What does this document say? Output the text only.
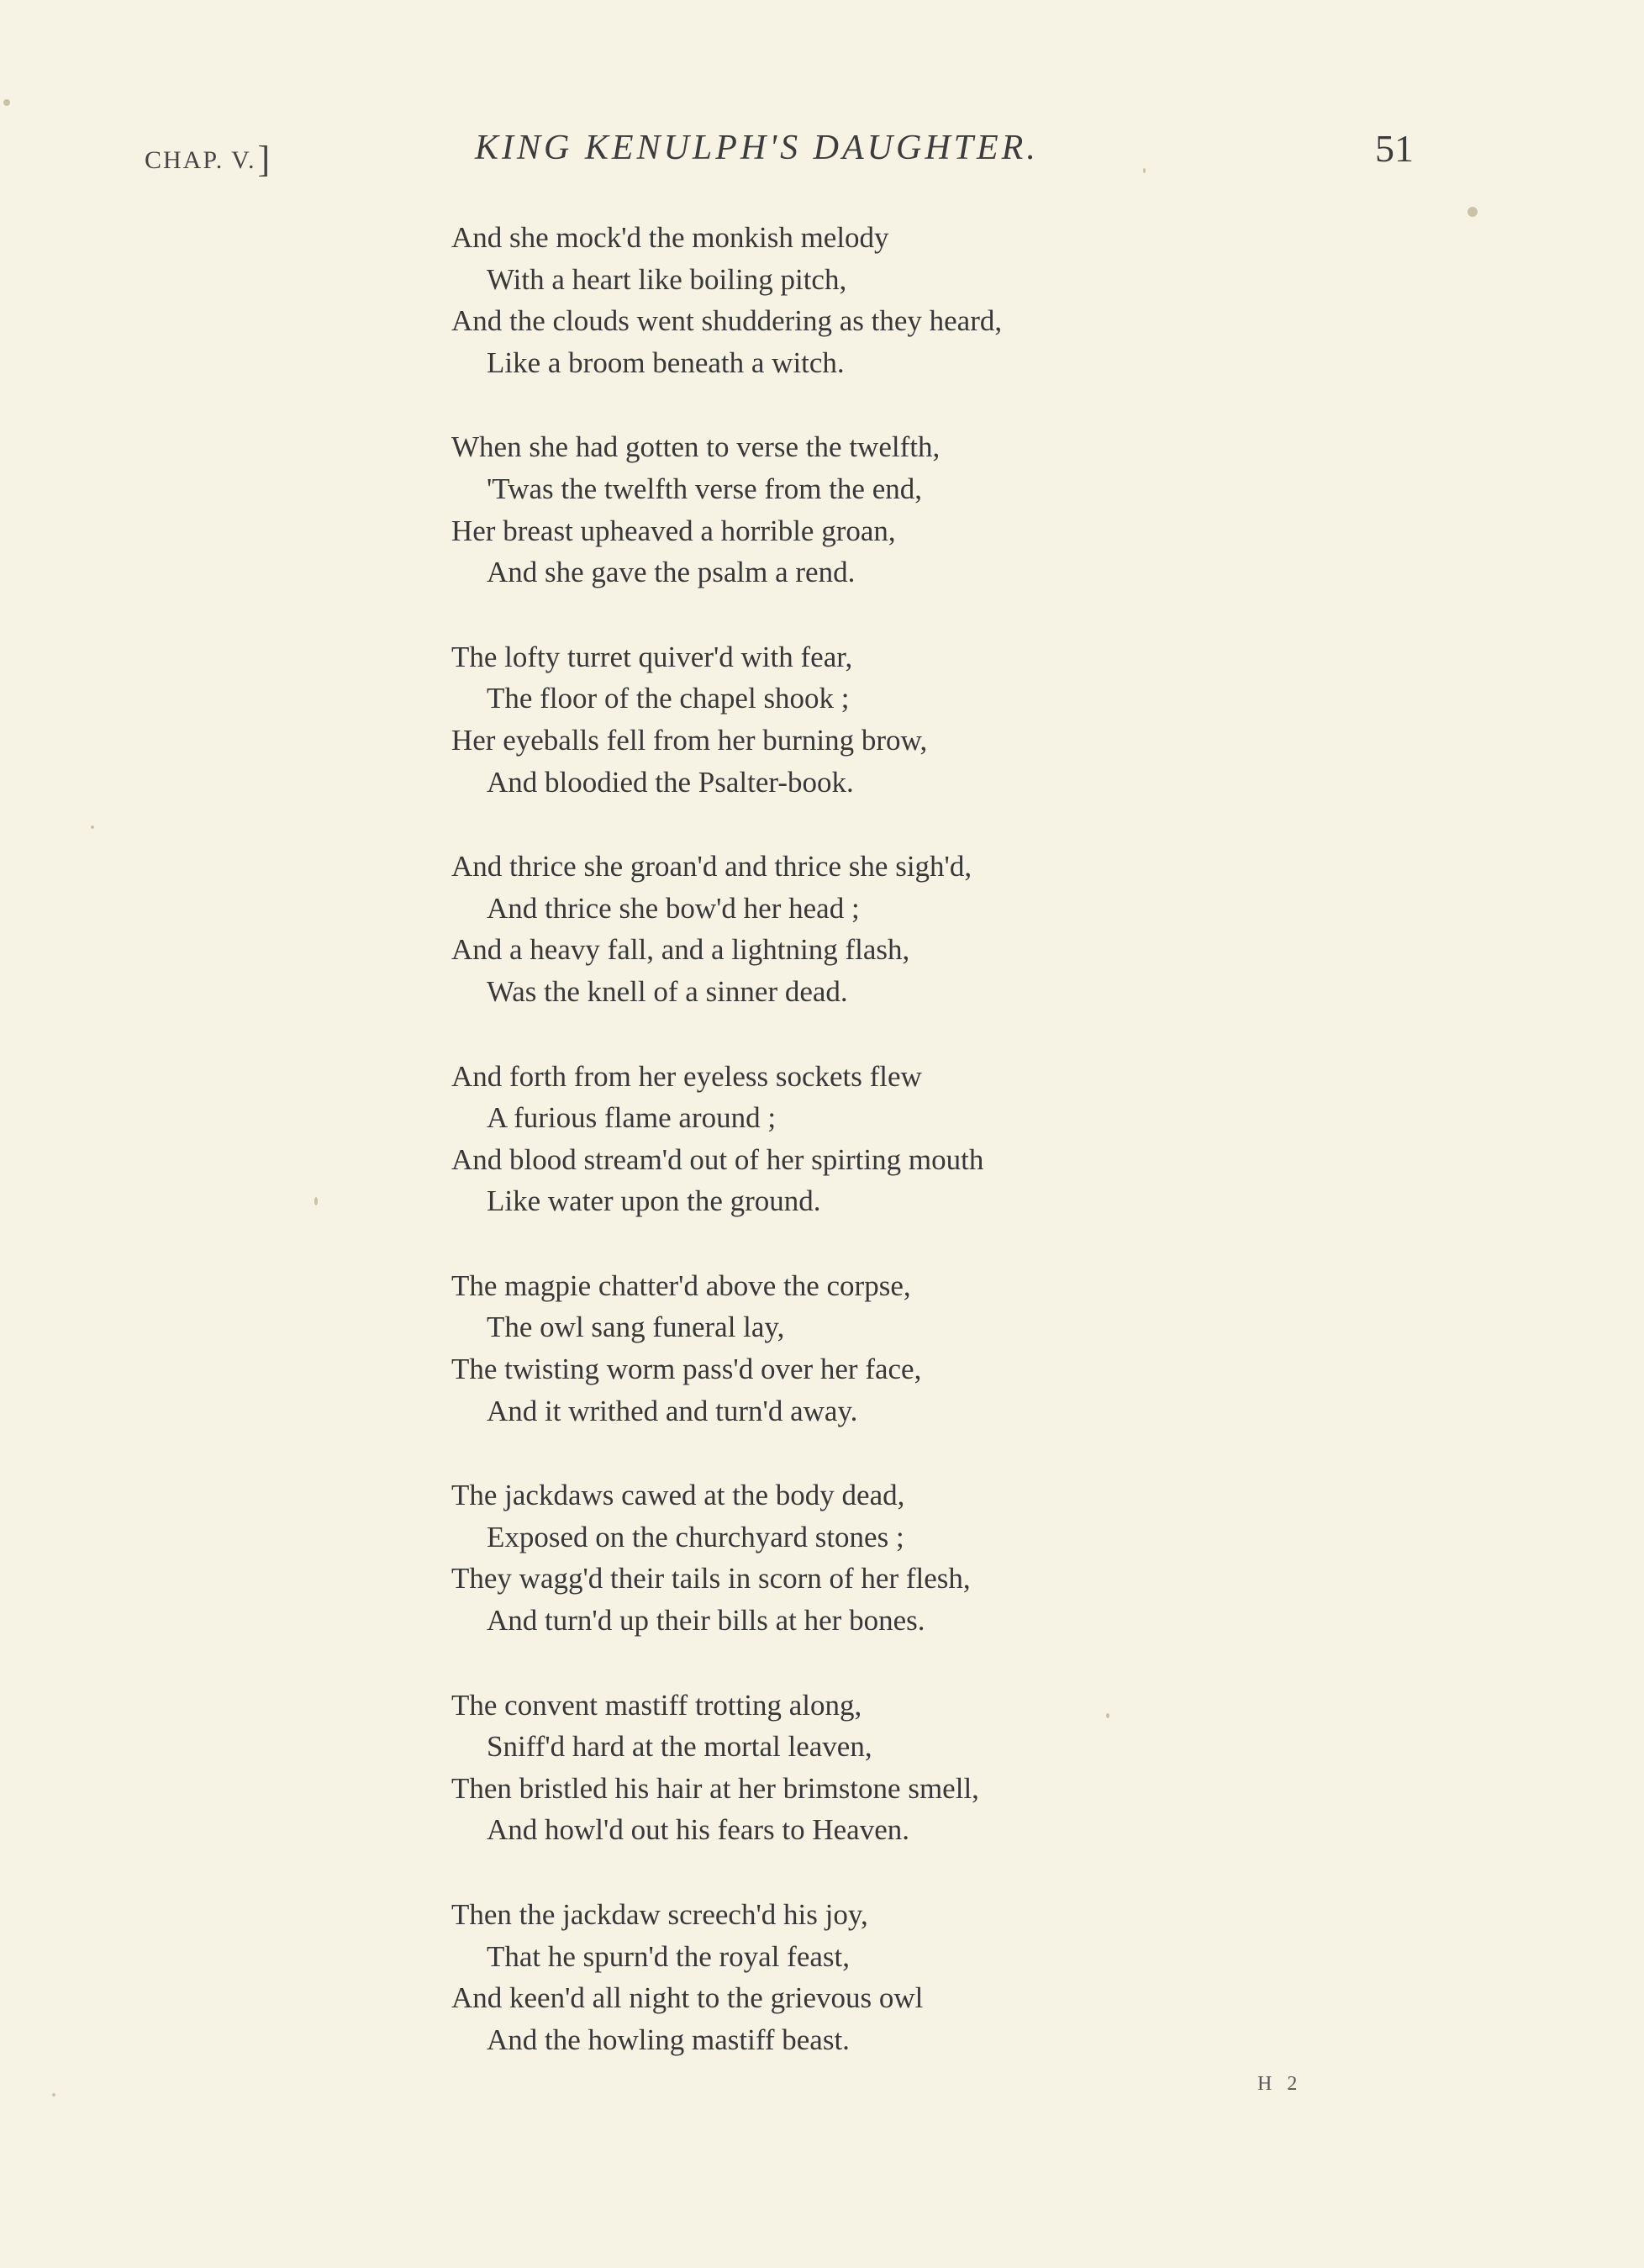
CHAP. V.]	KING KENULPH'S DAUGHTER.	51
And she mock'd the monkish melody
With a heart like boiling pitch,
And the clouds went shuddering as they heard,
Like a broom beneath a witch.
When she had gotten to verse the twelfth,
'Twas the twelfth verse from the end,
Her breast upheaved a horrible groan,
And she gave the psalm a rend.
The lofty turret quiver'd with fear,
The floor of the chapel shook ;
Her eyeballs fell from her burning brow,
And bloodied the Psalter-book.
And thrice she groan'd and thrice she sigh'd,
And thrice she bow'd her head ;
And a heavy fall, and a lightning flash,
Was the knell of a sinner dead.
And forth from her eyeless sockets flew
A furious flame around ;
And blood stream'd out of her spirting mouth
Like water upon the ground.
The magpie chatter'd above the corpse,
The owl sang funeral lay,
The twisting worm pass'd over her face,
And it writhed and turn'd away.
The jackdaws cawed at the body dead,
Exposed on the churchyard stones ;
They wagg'd their tails in scorn of her flesh,
And turn'd up their bills at her bones.
The convent mastiff trotting along,
Sniff'd hard at the mortal leaven,
Then bristled his hair at her brimstone smell,
And howl'd out his fears to Heaven.
Then the jackdaw screech'd his joy,
That he spurn'd the royal feast,
And keen'd all night to the grievous owl
And the howling mastiff beast.
H 2
